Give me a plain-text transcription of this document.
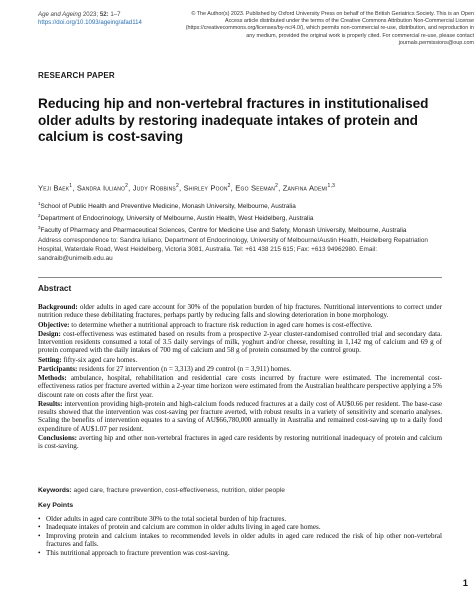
Age and Ageing 2023; 52: 1–7
https://doi.org/10.1093/ageing/afad114
© The Author(s) 2023. Published by Oxford University Press on behalf of the British Geriatrics Society. This is an Open Access article distributed under the terms of the Creative Commons Attribution Non-Commercial License (https://creativecommons.org/licenses/by-nc/4.0/), which permits non-commercial re-use, distribution, and reproduction in any medium, provided the original work is properly cited. For commercial re-use, please contact journals.permissions@oup.com
RESEARCH PAPER
Reducing hip and non-vertebral fractures in institutionalised older adults by restoring inadequate intakes of protein and calcium is cost-saving
Yeji Baek$^1$, Sandra Iuliano$^2$, Judy Robbins$^2$, Shirley Poon$^2$, Ego Seeman$^2$, Zanfina Ademi$^{1,3}$
$^1$School of Public Health and Preventive Medicine, Monash University, Melbourne, Australia
$^2$Department of Endocrinology, University of Melbourne, Austin Health, West Heidelberg, Australia
$^3$Faculty of Pharmacy and Pharmaceutical Sciences, Centre for Medicine Use and Safety, Monash University, Melbourne, Australia
Address correspondence to: Sandra Iuliano, Department of Endocrinology, University of Melbourne/Austin Health, Heidelberg Repatriation Hospital, Waterdale Road, West Heidelberg, Victoria 3081, Australia. Tel: +61 438 215 615; Fax: +613 94962980. Email: sandraib@unimelb.edu.au
Abstract

Background: older adults in aged care account for 30% of the population burden of hip fractures. Nutritional interventions to correct under nutrition reduce these debilitating fractures, perhaps partly by reducing falls and slowing deterioration in bone morphology.

Objective: to determine whether a nutritional approach to fracture risk reduction in aged care homes is cost-effective.

Design: cost-effectiveness was estimated based on results from a prospective 2-year cluster-randomised controlled trial and secondary data. Intervention residents consumed a total of 3.5 daily servings of milk, yoghurt and/or cheese, resulting in 1,142 mg of calcium and 69 g of protein compared with the daily intakes of 700 mg of calcium and 58 g of protein consumed by the control group.

Setting: fifty-six aged care homes.

Participants: residents for 27 intervention (n = 3,313) and 29 control (n = 3,911) homes.

Methods: ambulance, hospital, rehabilitation and residential care costs incurred by fracture were estimated. The incremental cost-effectiveness ratios per fracture averted within a 2-year time horizon were estimated from the Australian healthcare perspective applying a 5% discount rate on costs after the first year.

Results: intervention providing high-protein and high-calcium foods reduced fractures at a daily cost of AU$0.66 per resident. The base-case results showed that the intervention was cost-saving per fracture averted, with robust results in a variety of sensitivity and scenario analyses. Scaling the benefits of intervention equates to a saving of AU$66,780,000 annually in Australia and remained cost-saving up to a daily food expenditure of AU$1.07 per resident.

Conclusions: averting hip and other non-vertebral fractures in aged care residents by restoring nutritional inadequacy of protein and calcium is cost-saving.

Keywords: aged care, fracture prevention, cost-effectiveness, nutrition, older people
Key Points
• Older adults in aged care contribute 30% to the total societal burden of hip fractures.
• Inadequate intakes of protein and calcium are common in older adults living in aged care homes.
• Improving protein and calcium intakes to recommended levels in older adults in aged care reduced the risk of hip other non-vertebral fractures and falls.
• This nutritional approach to fracture prevention was cost-saving.
1
